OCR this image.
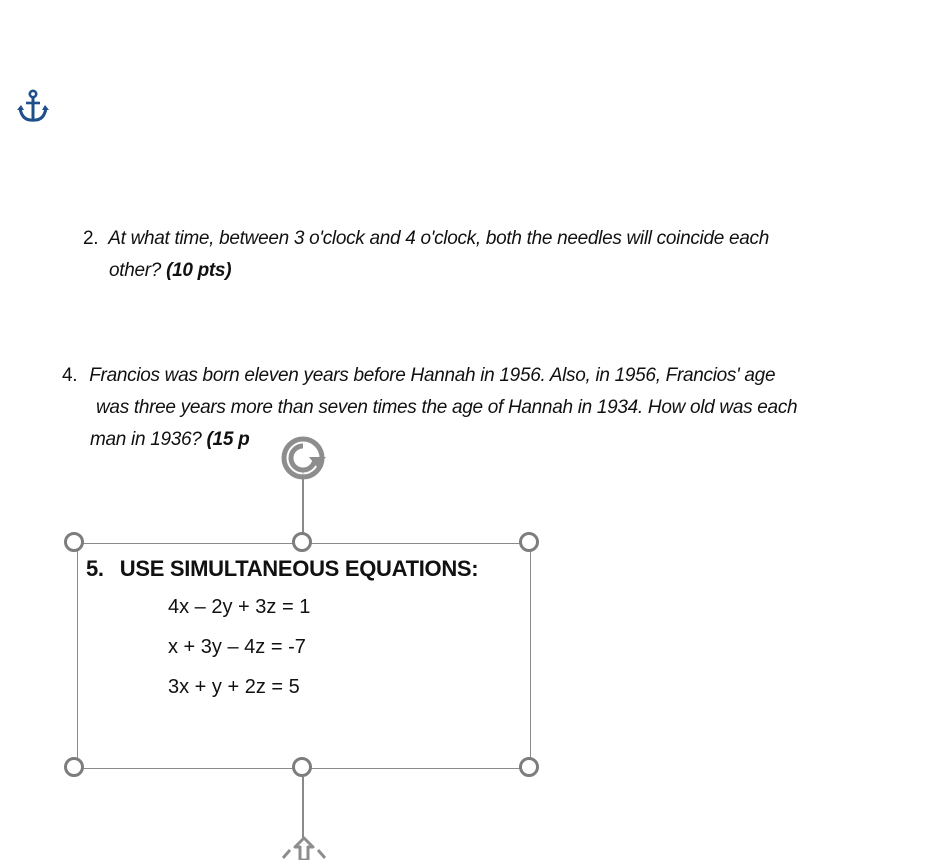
2. At what time, between 3 o'clock and 4 o'clock, both the needles will coincide each
other? (10 pts)
4. Francios was born eleven years before Hannah in 1956. Also, in 1956, Francios' age
was three years more than seven times the age of Hannah in 1934. How old was each
man in 1936? (15 p
5. USE SIMULTANEOUS EQUATIONS:
4x – 2y + 3z = 1
x + 3y – 4z = -7
3x + y + 2z = 5
